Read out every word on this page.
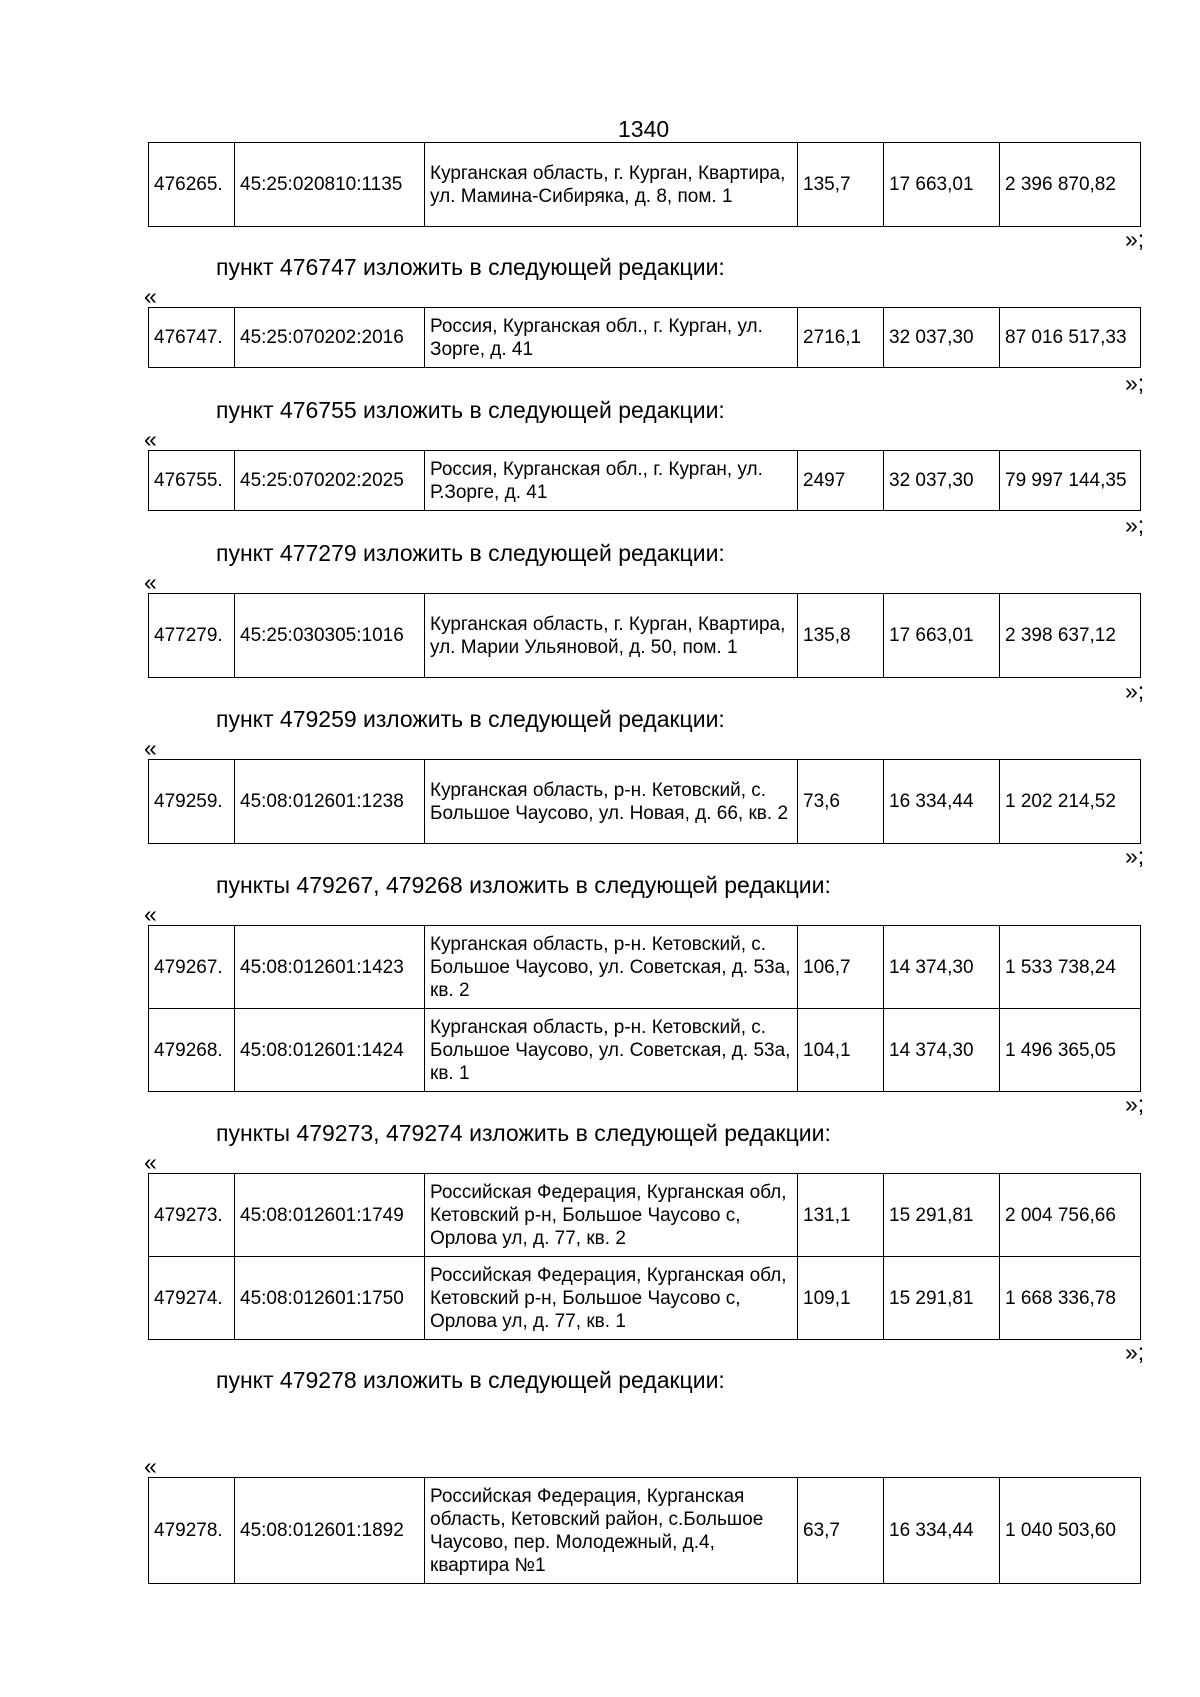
1340
476265.	45:25:020810:1135	Курганская область, г. Курган, Квартира, ул. Мамина-Сибиряка, д. 8, пом. 1	135,7	17 663,01	2 396 870,82
»;
пункт 476747 изложить в следующей редакции:
«
476747.	45:25:070202:2016	Россия, Курганская обл., г. Курган, ул. Зорге, д. 41	2716,1	32 037,30	87 016 517,33
»;
пункт 476755 изложить в следующей редакции:
«
476755.	45:25:070202:2025	Россия, Курганская обл., г. Курган, ул. Р.Зорге, д. 41	2497	32 037,30	79 997 144,35
»;
пункт 477279 изложить в следующей редакции:
«
477279.	45:25:030305:1016	Курганская область, г. Курган, Квартира, ул. Марии Ульяновой, д. 50, пом. 1	135,8	17 663,01	2 398 637,12
»;
пункт 479259 изложить в следующей редакции:
«
479259.	45:08:012601:1238	Курганская область, р-н. Кетовский, с. Большое Чаусово, ул. Новая, д. 66, кв. 2	73,6	16 334,44	1 202 214,52
»;
пункты 479267, 479268 изложить в следующей редакции:
«
479267.	45:08:012601:1423	Курганская область, р-н. Кетовский, с. Большое Чаусово, ул. Советская, д. 53а, кв. 2	106,7	14 374,30	1 533 738,24
479268.	45:08:012601:1424	Курганская область, р-н. Кетовский, с. Большое Чаусово, ул. Советская, д. 53а, кв. 1	104,1	14 374,30	1 496 365,05
»;
пункты 479273, 479274 изложить в следующей редакции:
«
479273.	45:08:012601:1749	Российская Федерация, Курганская обл, Кетовский р-н, Большое Чаусово с, Орлова ул, д. 77, кв. 2	131,1	15 291,81	2 004 756,66
479274.	45:08:012601:1750	Российская Федерация, Курганская обл, Кетовский р-н, Большое Чаусово с, Орлова ул, д. 77, кв. 1	109,1	15 291,81	1 668 336,78
»;
пункт 479278 изложить в следующей редакции:
«
479278.	45:08:012601:1892	Российская Федерация, Курганская область, Кетовский район, с.Большое Чаусово, пер. Молодежный, д.4, квартира №1	63,7	16 334,44	1 040 503,60
